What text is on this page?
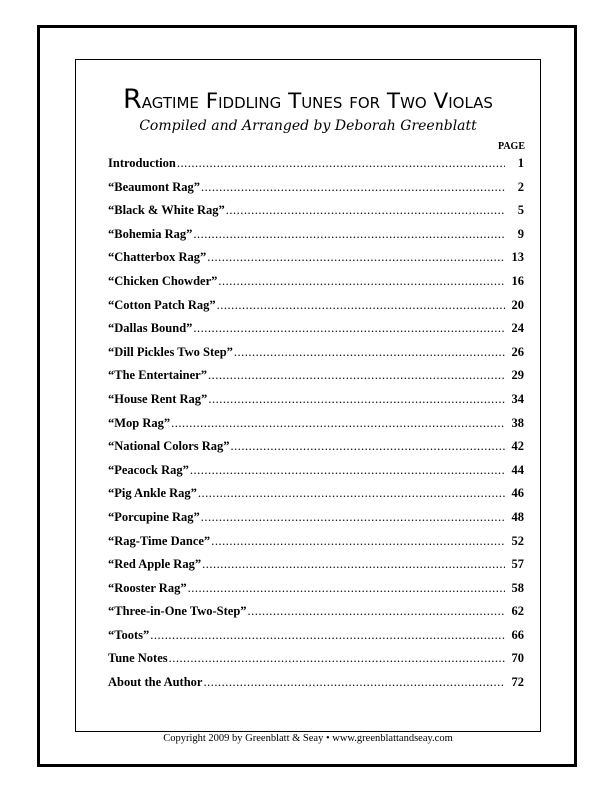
Ragtime Fiddling Tunes for Two Violas
Compiled and Arranged by Deborah Greenblatt
PAGE
Introduction .....	1
“Beaumont Rag” .....	2
“Black & White Rag” .....	5
“Bohemia Rag” .....	9
“Chatterbox Rag” .....	13
“Chicken Chowder” .....	16
“Cotton Patch Rag” .....	20
“Dallas Bound” .....	24
“Dill Pickles Two Step” .....	26
“The Entertainer” .....	29
“House Rent Rag” .....	34
“Mop Rag” .....	38
“National Colors Rag” .....	42
“Peacock Rag” .....	44
“Pig Ankle Rag” .....	46
“Porcupine Rag” .....	48
“Rag-Time Dance” .....	52
“Red Apple Rag” .....	57
“Rooster Rag” .....	58
“Three-in-One Two-Step” .....	62
“Toots” .....	66
Tune Notes .....	70
About the Author .....	72
Copyright 2009 by Greenblatt & Seay • www.greenblattandseay.com
